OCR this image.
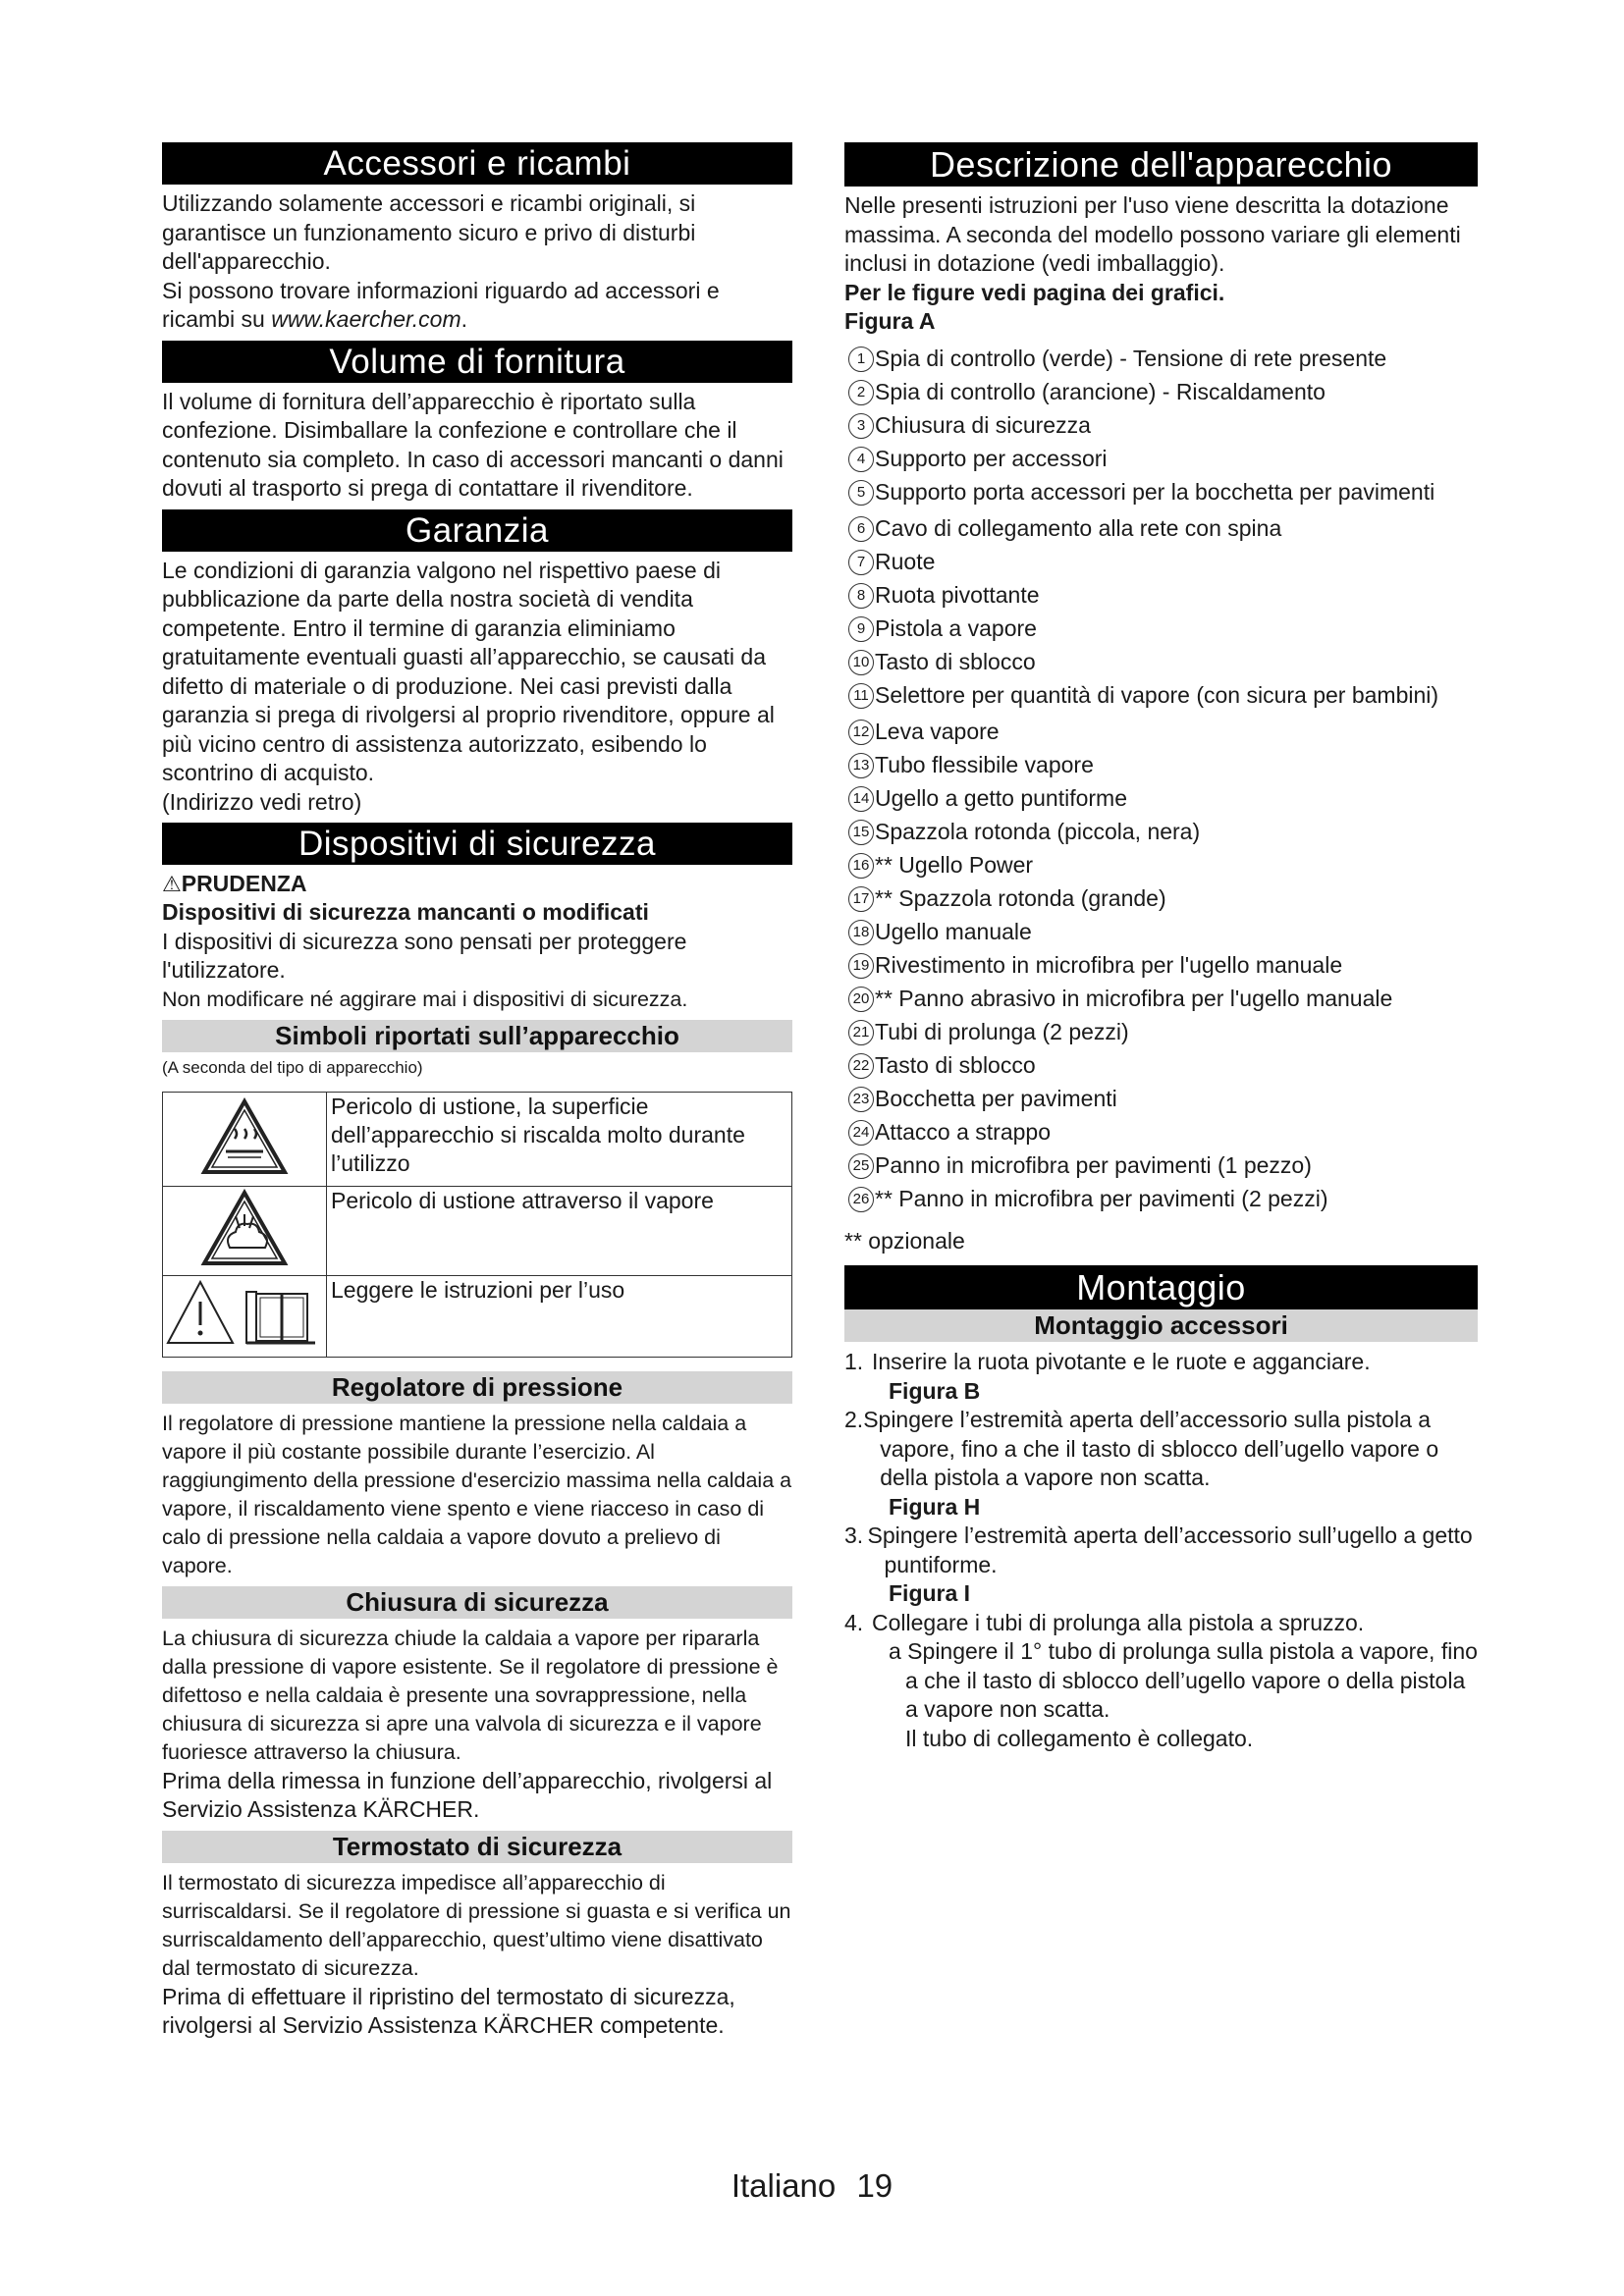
Accessori e ricambi

Utilizzando solamente accessori e ricambi originali, si garantisce un funzionamento sicuro e privo di disturbi dell'apparecchio.

Si possono trovare informazioni riguardo ad accessori e ricambi su www.kaercher.com.

Volume di fornitura

Il volume di fornitura dell’apparecchio è riportato sulla confezione. Disimballare la confezione e controllare che il contenuto sia completo. In caso di accessori mancanti o danni dovuti al trasporto si prega di contattare il rivenditore.

Garanzia

Le condizioni di garanzia valgono nel rispettivo paese di pubblicazione da parte della nostra società di vendita competente. Entro il termine di garanzia eliminiamo gratuitamente eventuali guasti all’apparecchio, se causati da difetto di materiale o di produzione. Nei casi previsti dalla garanzia si prega di rivolgersi al proprio rivenditore, oppure al più vicino centro di assistenza autorizzato, esibendo lo scontrino di acquisto.

(Indirizzo vedi retro)

Dispositivi di sicurezza
⚠PRUDENZA

Dispositivi di sicurezza mancanti o modificati

I dispositivi di sicurezza sono pensati per proteggere l'utilizzatore.

Non modificare né aggirare mai i dispositivi di sicurezza.

Simboli riportati sull’apparecchio
(A seconda del tipo di apparecchio)
	Pericolo di ustione, la superficie dell’apparecchio si riscalda molto durante l’utilizzo
	Pericolo di ustione attraverso il vapore
	Leggere le istruzioni per l’uso
Regolatore di pressione

Il regolatore di pressione mantiene la pressione nella caldaia a vapore il più costante possibile durante l’esercizio. Al raggiungimento della pressione d'esercizio massima nella caldaia a vapore, il riscaldamento viene spento e viene riacceso in caso di calo di pressione nella caldaia a vapore dovuto a prelievo di vapore.

Chiusura di sicurezza

La chiusura di sicurezza chiude la caldaia a vapore per ripararla dalla pressione di vapore esistente. Se il regolatore di pressione è difettoso e nella caldaia è presente una sovrappressione, nella chiusura di sicurezza si apre una valvola di sicurezza e il vapore fuoriesce attraverso la chiusura.

Prima della rimessa in funzione dell’apparecchio, rivolgersi al Servizio Assistenza KÄRCHER.

Termostato di sicurezza

Il termostato di sicurezza impedisce all’apparecchio di surriscaldarsi. Se il regolatore di pressione si guasta e si verifica un surriscaldamento dell’apparecchio, quest’ultimo viene disattivato dal termostato di sicurezza.

Prima di effettuare il ripristino del termostato di sicurezza, rivolgersi al Servizio Assistenza KÄRCHER competente.

Descrizione dell'apparecchio

Nelle presenti istruzioni per l'uso viene descritta la dotazione massima. A seconda del modello possono variare gli elementi inclusi in dotazione (vedi imballaggio).

Per le figure vedi pagina dei grafici.

Figura A

1 Spia di controllo (verde) - Tensione di rete presente
2 Spia di controllo (arancione) - Riscaldamento
3 Chiusura di sicurezza
4 Supporto per accessori
5 Supporto porta accessori per la bocchetta per pavimenti
6 Cavo di collegamento alla rete con spina
7 Ruote
8 Ruota pivottante
9 Pistola a vapore
10 Tasto di sblocco
11 Selettore per quantità di vapore (con sicura per bambini)
12 Leva vapore
13 Tubo flessibile vapore
14 Ugello a getto puntiforme
15 Spazzola rotonda (piccola, nera)
16 ** Ugello Power
17 ** Spazzola rotonda (grande)
18 Ugello manuale
19 Rivestimento in microfibra per l'ugello manuale
20 ** Panno abrasivo in microfibra per l'ugello manuale
21 Tubi di prolunga (2 pezzi)
22 Tasto di sblocco
23 Bocchetta per pavimenti
24 Attacco a strappo
25 Panno in microfibra per pavimenti (1 pezzo)
26 ** Panno in microfibra per pavimenti (2 pezzi)

** opzionale

Montaggio
Montaggio accessori
1. Inserire la ruota pivotante e le ruote e agganciare.
Figura B
2. Spingere l’estremità aperta dell’accessorio sulla pistola a vapore, fino a che il tasto di sblocco dell’ugello vapore o della pistola a vapore non scatta.
Figura H
3. Spingere l’estremità aperta dell’accessorio sull’ugello a getto puntiforme.
Figura I
4. Collegare i tubi di prolunga alla pistola a spruzzo.
a Spingere il 1° tubo di prolunga sulla pistola a vapore, fino a che il tasto di sblocco dell’ugello vapore o della pistola a vapore non scatta.
Il tubo di collegamento è collegato.
Italiano 19
